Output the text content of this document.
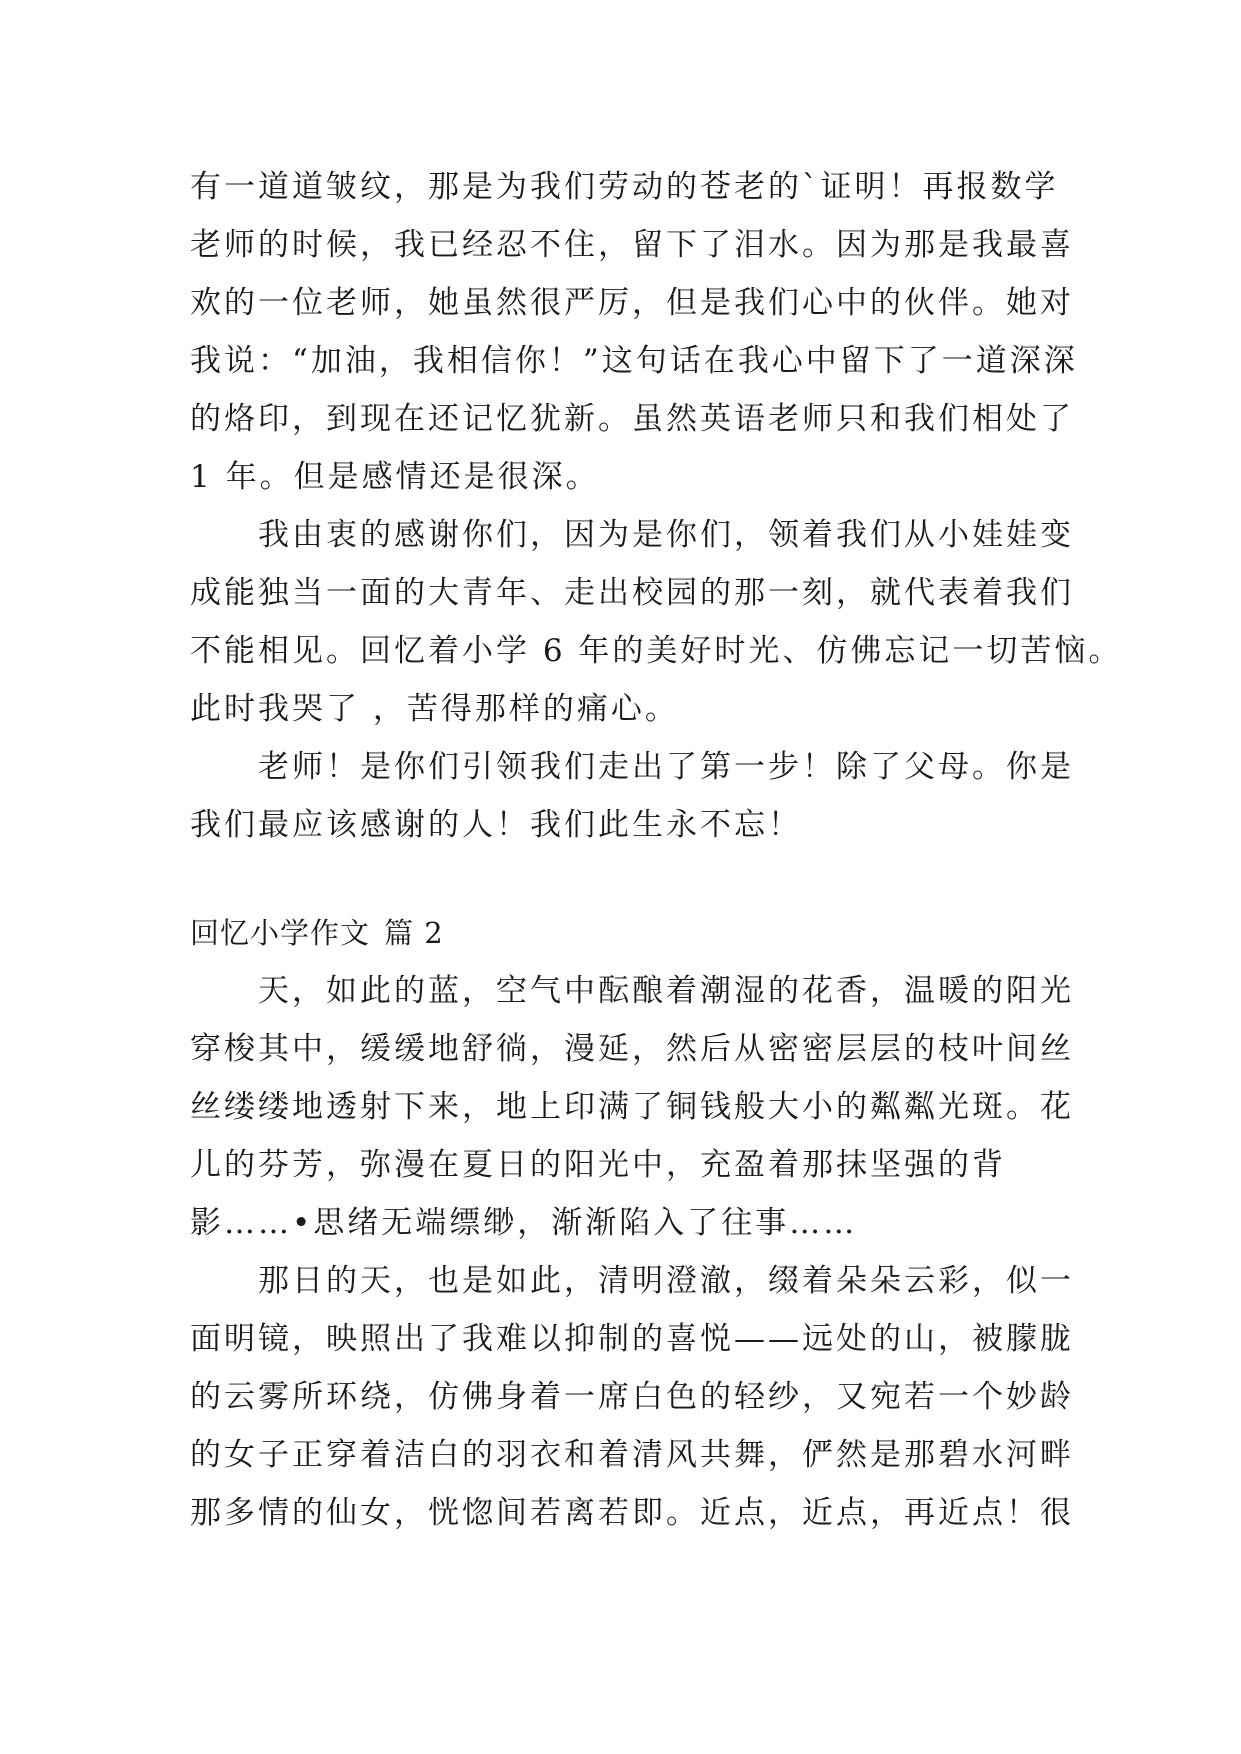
有一道道皱纹，那是为我们劳动的苍老的`证明！再报数学
老师的时候，我已经忍不住，留下了泪水。因为那是我最喜
欢的一位老师，她虽然很严厉，但是我们心中的伙伴。她对
我说：“加油，我相信你！”这句话在我心中留下了一道深深
的烙印，到现在还记忆犹新。虽然英语老师只和我们相处了
1 年。但是感情还是很深。
我由衷的感谢你们，因为是你们，领着我们从小娃娃变
成能独当一面的大青年、走出校园的那一刻，就代表着我们
不能相见。回忆着小学 6 年的美好时光、仿佛忘记一切苦恼。
此时我哭了 ，苦得那样的痛心。
老师！是你们引领我们走出了第一步！除了父母。你是
我们最应该感谢的人！我们此生永不忘！
回忆小学作文 篇 2
天，如此的蓝，空气中酝酿着潮湿的花香，温暖的阳光
穿梭其中，缓缓地舒徜，漫延，然后从密密层层的枝叶间丝
丝缕缕地透射下来，地上印满了铜钱般大小的粼粼光斑。花
儿的芬芳，弥漫在夏日的阳光中，充盈着那抹坚强的背
影……•思绪无端缥缈，渐渐陷入了往事……
那日的天，也是如此，清明澄澈，缀着朵朵云彩，似一
面明镜，映照出了我难以抑制的喜悦——远处的山，被朦胧
的云雾所环绕，仿佛身着一席白色的轻纱，又宛若一个妙龄
的女子正穿着洁白的羽衣和着清风共舞，俨然是那碧水河畔
那多情的仙女，恍惚间若离若即。近点，近点，再近点！很
